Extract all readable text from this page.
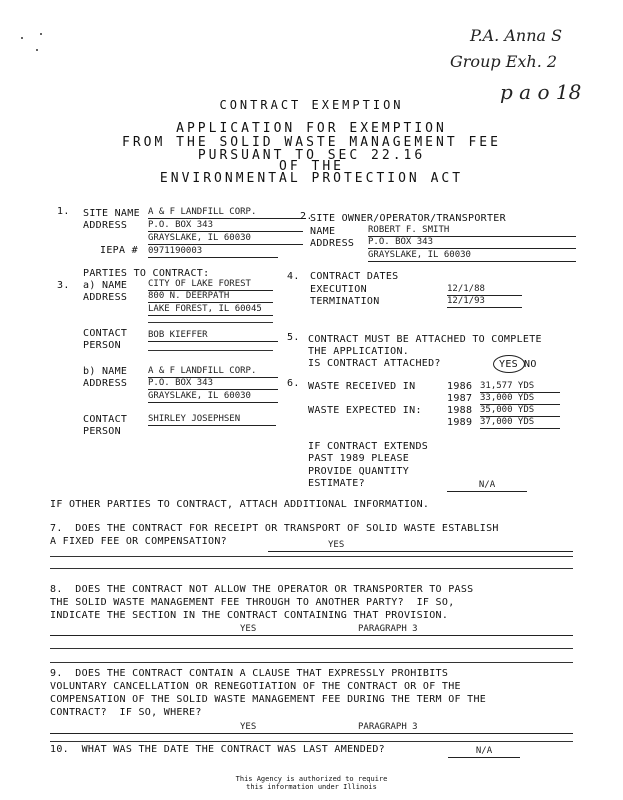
P.A. Anna S
Group Exh. 2
p a o 18
CONTRACT EXEMPTION
APPLICATION FOR EXEMPTION
FROM THE SOLID WASTE MANAGEMENT FEE
PURSUANT TO SEC 22.16
OF THE
ENVIRONMENTAL PROTECTION ACT
1. SITE NAME A & F LANDFILL CORP.
ADDRESS P.O. BOX 343
GRAYSLAKE, IL 60030
IEPA # 0971190003
2.
SITE OWNER/OPERATOR/TRANSPORTER
NAME	ROBERT F. SMITH
ADDRESS P.O. BOX 343
GRAYSLAKE, IL 60030
PARTIES TO CONTRACT:
3. a) NAME CITY OF LAKE FOREST
ADDRESS 800 N. DEERPATH
LAKE FOREST, IL 60045
CONTACT
PERSON
BOB KIEFFER
b) NAME A & F LANDFILL CORP.
ADDRESS P.O. BOX 343
GRAYSLAKE, IL 60030
CONTACT
PERSON
SHIRLEY JOSEPHSEN
4. CONTRACT DATES
EXECUTION	12/1/88
TERMINATION	12/1/93
5. CONTRACT MUST BE ATTACHED TO COMPLETE
THE APPLICATION.
IS CONTRACT ATTACHED?	YES NO
6. WASTE RECEIVED IN
WASTE EXPECTED IN:
1986 31,577 YDS
1987 33,000 YDS
1988 35,000 YDS
1989 37,000 YDS
IF CONTRACT EXTENDS
PAST 1989 PLEASE
PROVIDE QUANTITY
ESTIMATE?	N/A
IF OTHER PARTIES TO CONTRACT, ATTACH ADDITIONAL INFORMATION.
7.  DOES THE CONTRACT FOR RECEIPT OR TRANSPORT OF SOLID WASTE ESTABLISH
A FIXED FEE OR COMPENSATION?	YES
8.  DOES THE CONTRACT NOT ALLOW THE OPERATOR OR TRANSPORTER TO PASS
THE SOLID WASTE MANAGEMENT FEE THROUGH TO ANOTHER PARTY?  IF SO,
INDICATE THE SECTION IN THE CONTRACT CONTAINING THAT PROVISION.
YES	PARAGRAPH 3
9.  DOES THE CONTRACT CONTAIN A CLAUSE THAT EXPRESSLY PROHIBITS
VOLUNTARY CANCELLATION OR RENEGOTIATION OF THE CONTRACT OR OF THE
COMPENSATION OF THE SOLID WASTE MANAGEMENT FEE DURING THE TERM OF THE
CONTRACT?  IF SO, WHERE?
YES	PARAGRAPH 3
10.  WHAT WAS THE DATE THE CONTRACT WAS LAST AMENDED?	N/A
This Agency is authorized to require
this information under Illinois
